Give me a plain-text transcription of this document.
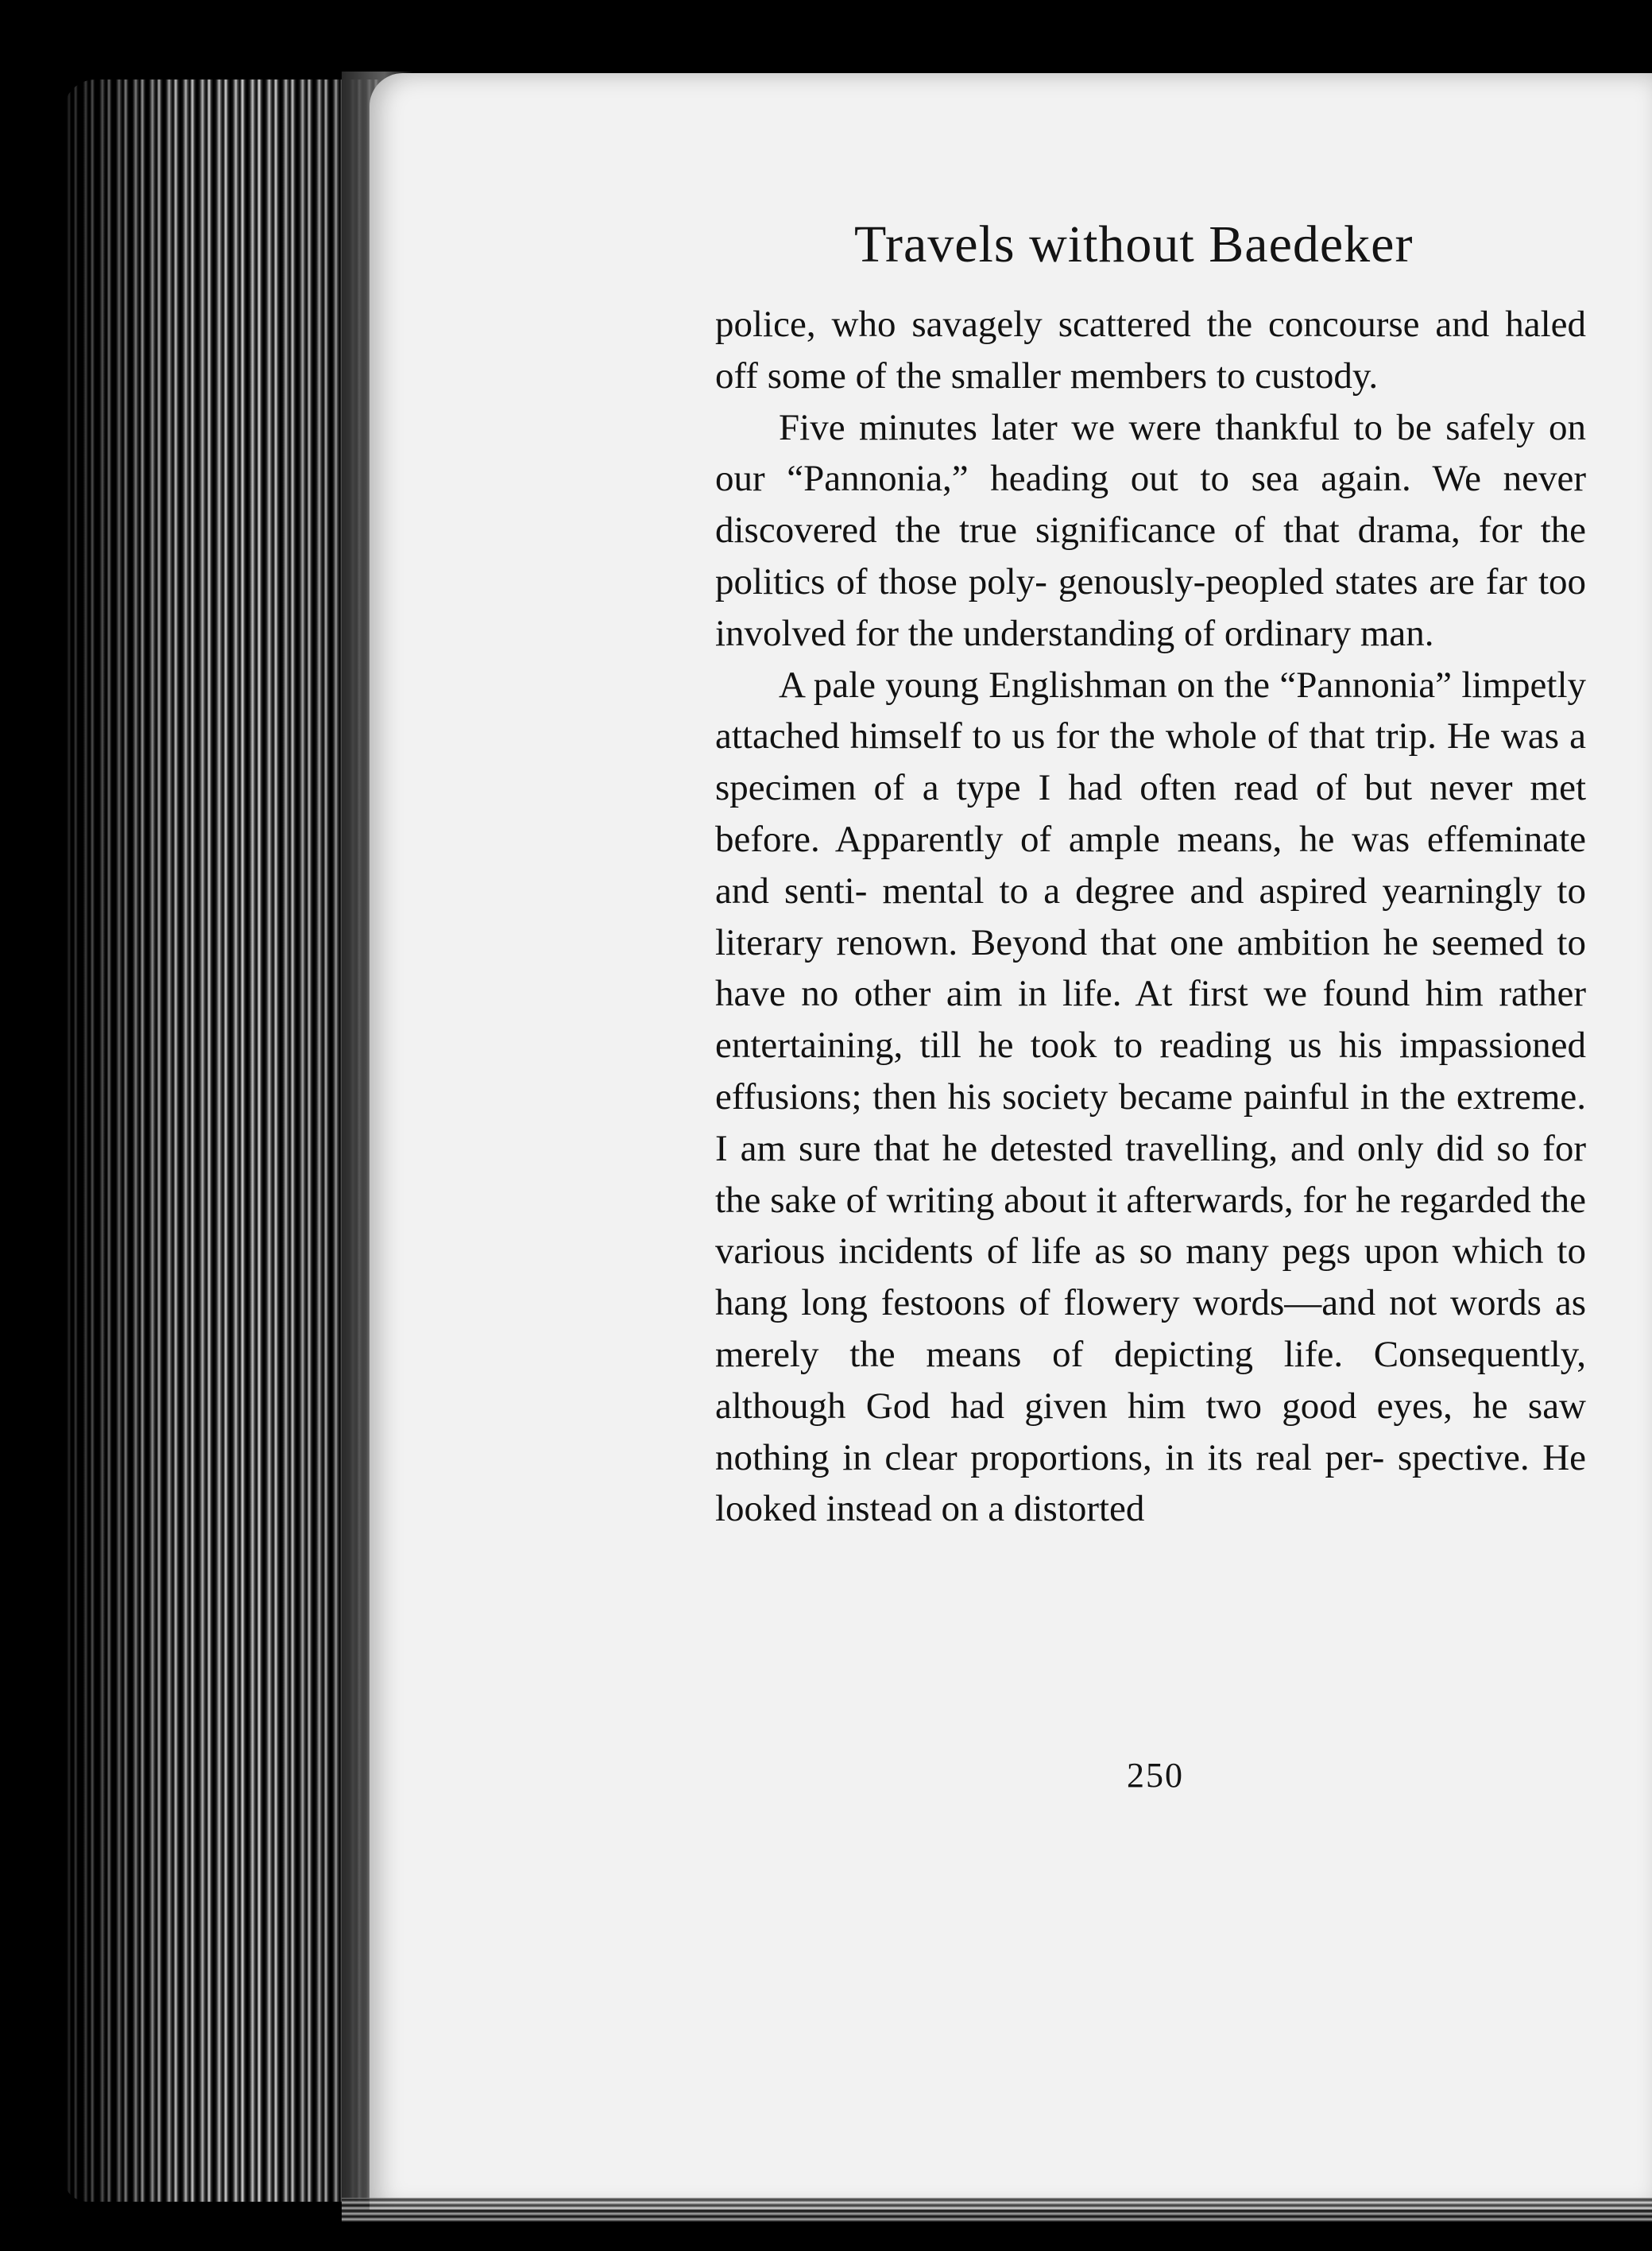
Travels without Baedeker

police, who savagely scattered the concourse and haled off some of the smaller members to custody.

Five minutes later we were thankful to be safely on our “Pannonia,” heading out to sea again. We never discovered the true significance of that drama, for the politics of those poly- genously-peopled states are far too involved for the understanding of ordinary man.

A pale young Englishman on the “Pannonia” limpetly attached himself to us for the whole of that trip. He was a specimen of a type I had often read of but never met before. Apparently of ample means, he was effeminate and senti- mental to a degree and aspired yearningly to literary renown. Beyond that one ambition he seemed to have no other aim in life. At first we found him rather entertaining, till he took to reading us his impassioned effusions; then his society became painful in the extreme. I am sure that he detested travelling, and only did so for the sake of writing about it afterwards, for he regarded the various incidents of life as so many pegs upon which to hang long festoons of flowery words—and not words as merely the means of depicting life. Consequently, although God had given him two good eyes, he saw nothing in clear proportions, in its real per- spective. He looked instead on a distorted

250
